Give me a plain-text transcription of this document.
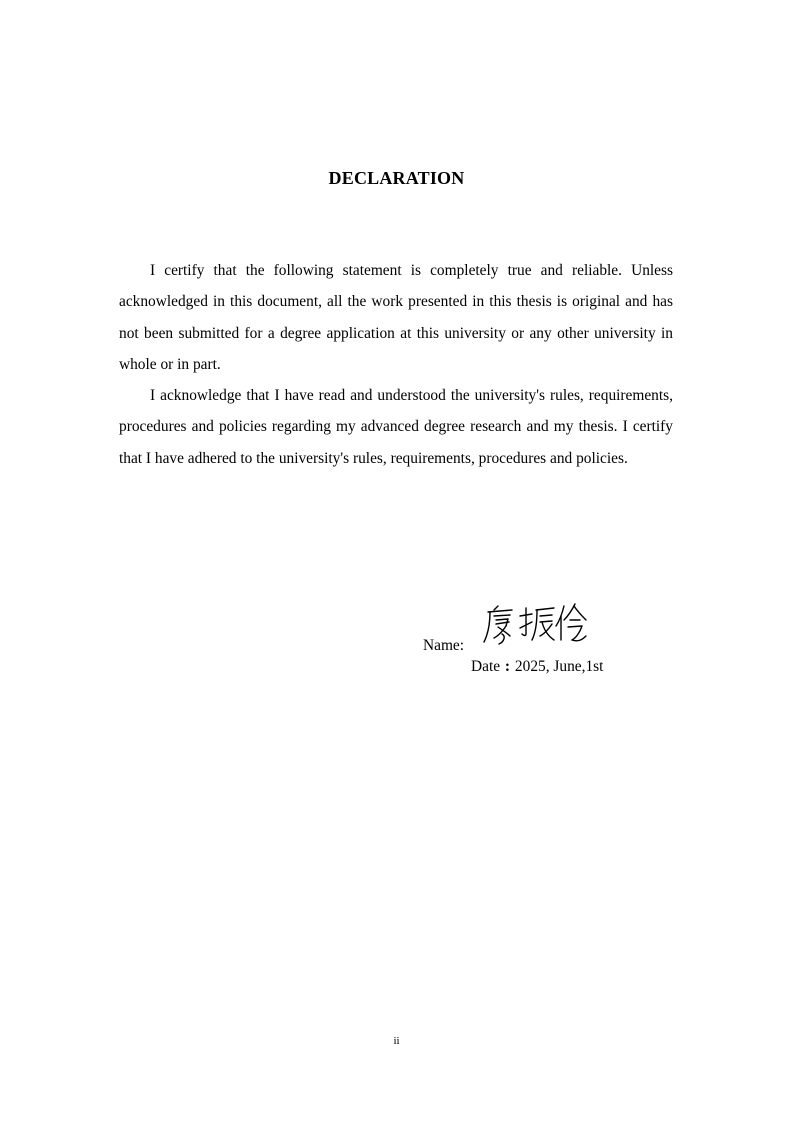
DECLARATION

I certify that the following statement is completely true and reliable. Unless acknowledged in this document, all the work presented in this thesis is original and has not been submitted for a degree application at this university or any other university in whole or in part.

I acknowledge that I have read and understood the university's rules, requirements, procedures and policies regarding my advanced degree research and my thesis. I certify that I have adhered to the university's rules, requirements, procedures and policies.

Name:
Date : 2025, June,1st
ii
